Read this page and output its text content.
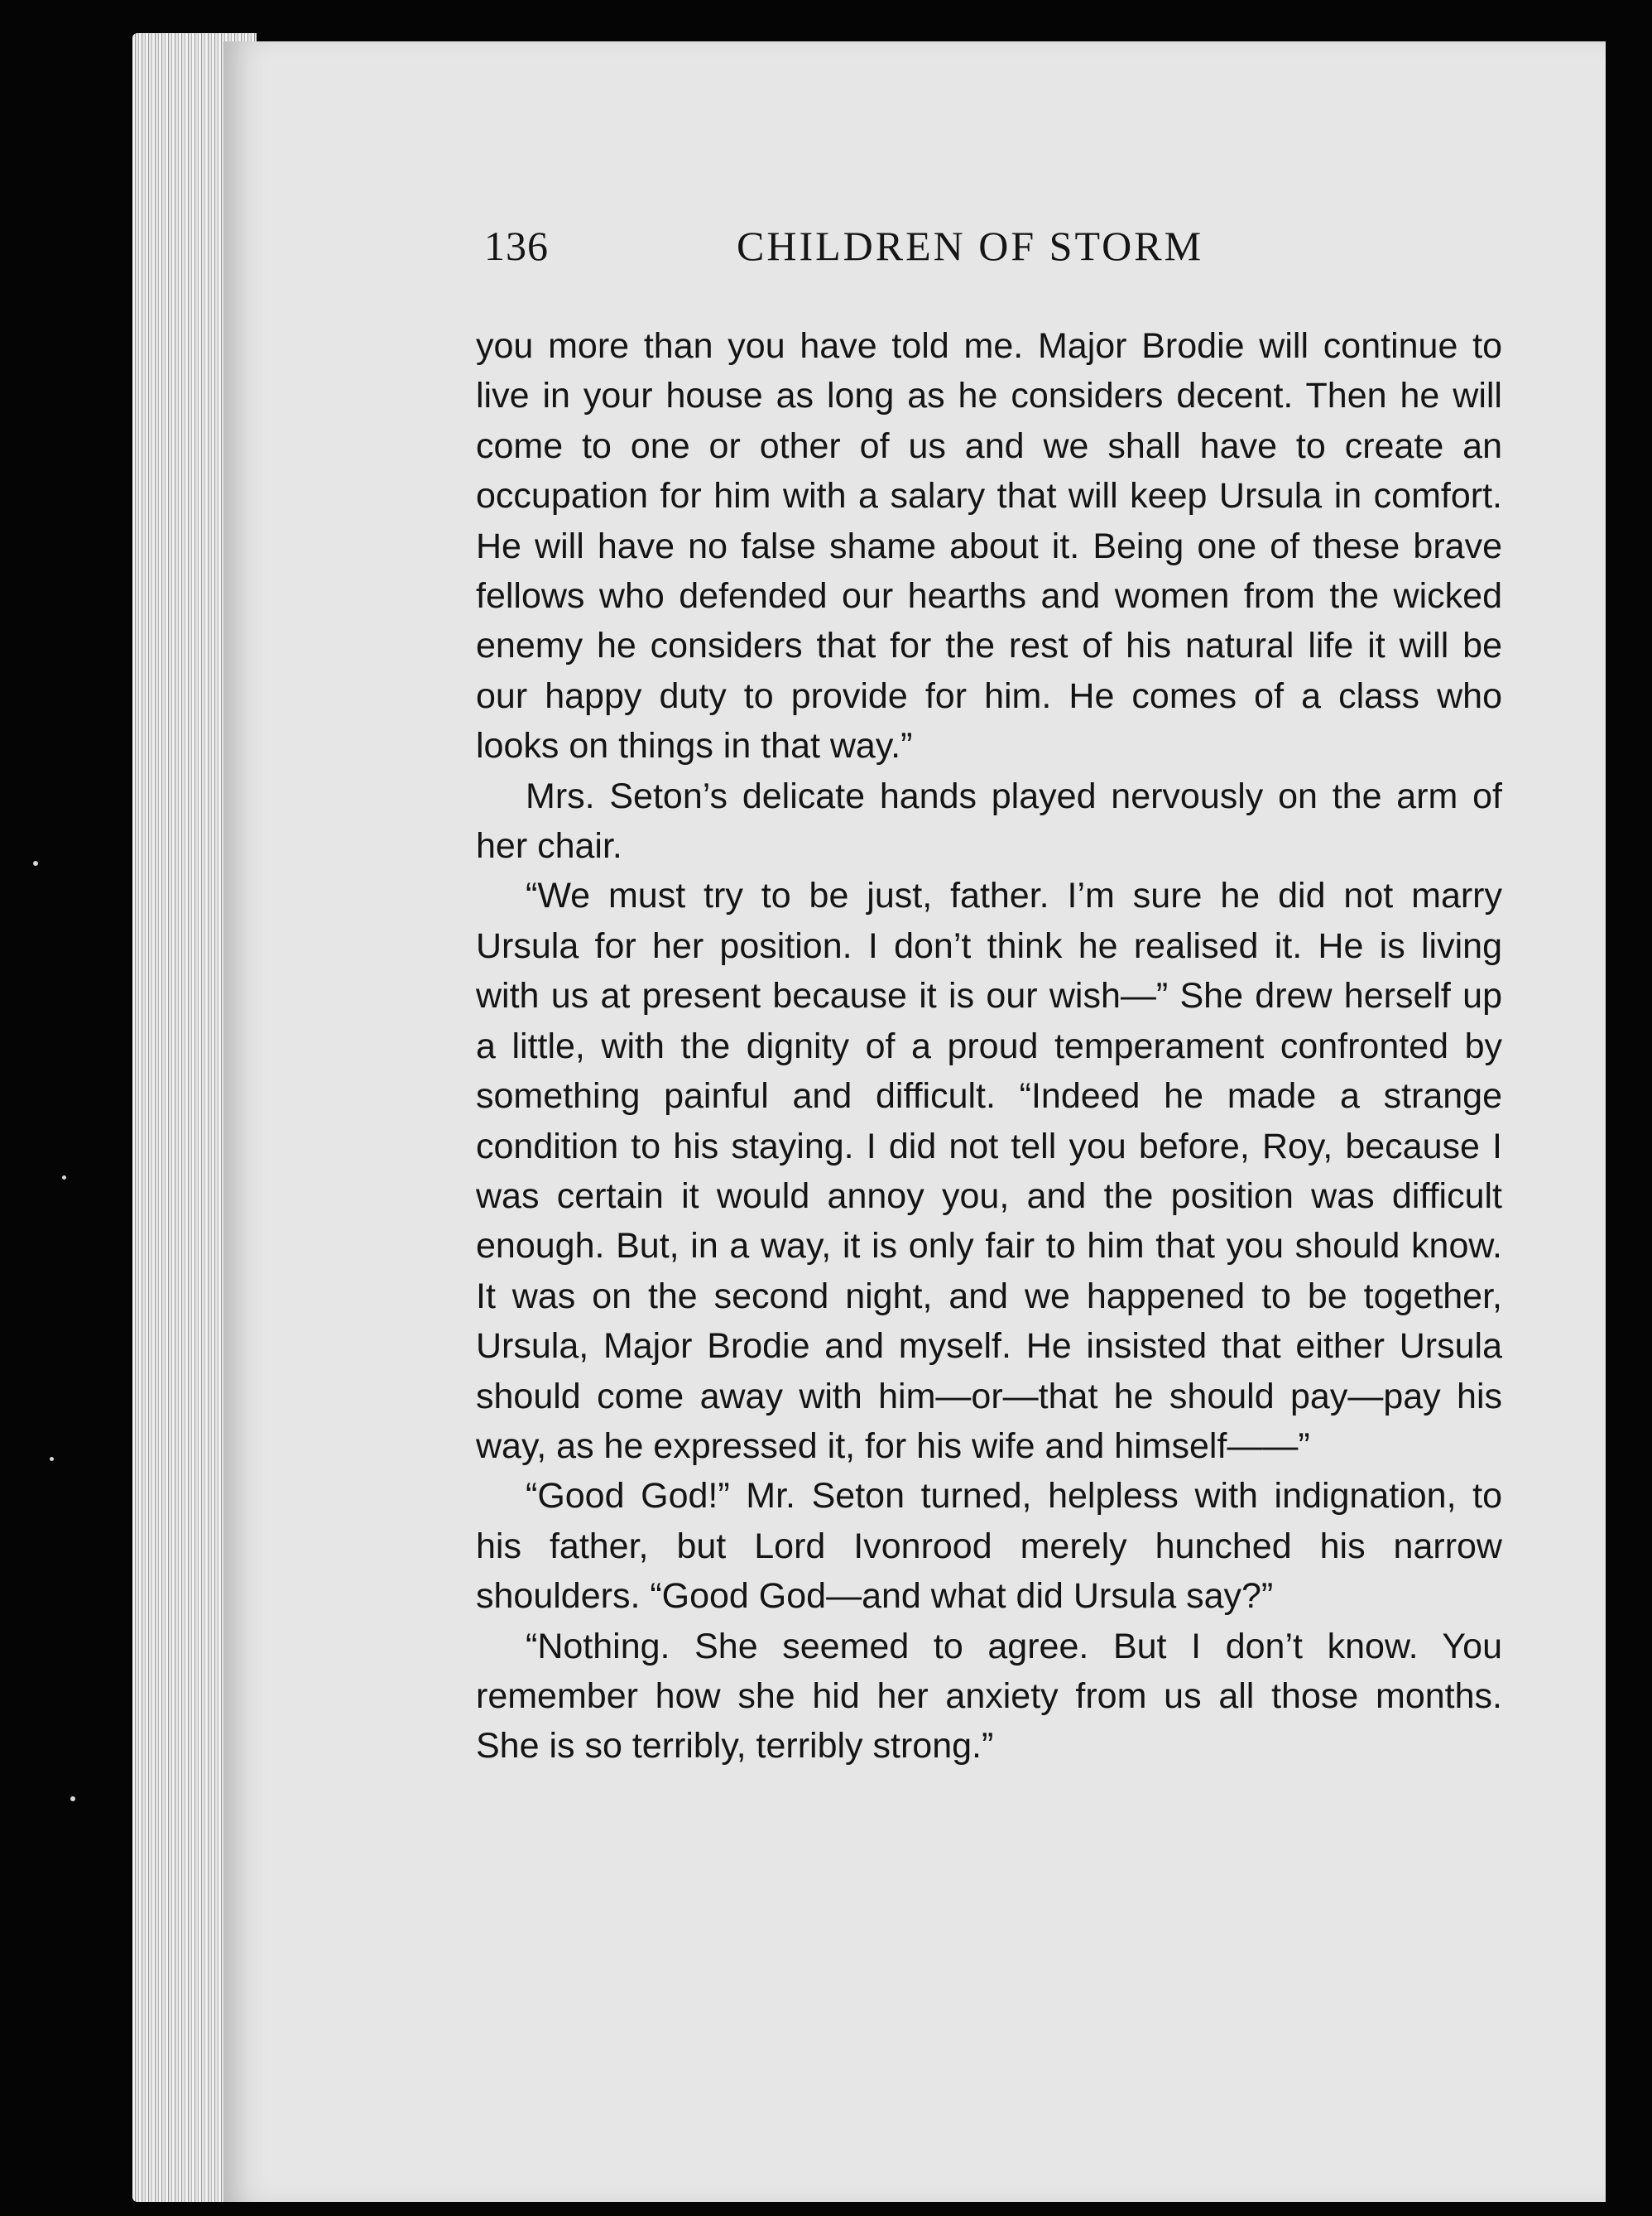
136	CHILDREN OF STORM

you more than you have told me. Major Brodie will continue to live in your house as long as he considers decent. Then he will come to one or other of us and we shall have to create an occupation for him with a salary that will keep Ursula in comfort. He will have no false shame about it. Being one of these brave fellows who defended our hearths and women from the wicked enemy he considers that for the rest of his natural life it will be our happy duty to provide for him. He comes of a class who looks on things in that way.”

Mrs. Seton’s delicate hands played nervously on the arm of her chair.

“We must try to be just, father. I’m sure he did not marry Ursula for her position. I don’t think he realised it. He is living with us at present because it is our wish—” She drew herself up a little, with the dignity of a proud temperament confronted by something painful and difficult. “Indeed he made a strange condition to his staying. I did not tell you before, Roy, because I was certain it would annoy you, and the position was difficult enough. But, in a way, it is only fair to him that you should know. It was on the second night, and we happened to be together, Ursula, Major Brodie and myself. He insisted that either Ursula should come away with him—or—that he should pay—pay his way, as he expressed it, for his wife and himself——”

“Good God!” Mr. Seton turned, helpless with indignation, to his father, but Lord Ivonrood merely hunched his narrow shoulders. “Good God—and what did Ursula say?”

“Nothing. She seemed to agree. But I don’t know. You remember how she hid her anxiety from us all those months. She is so terribly, terribly strong.”
